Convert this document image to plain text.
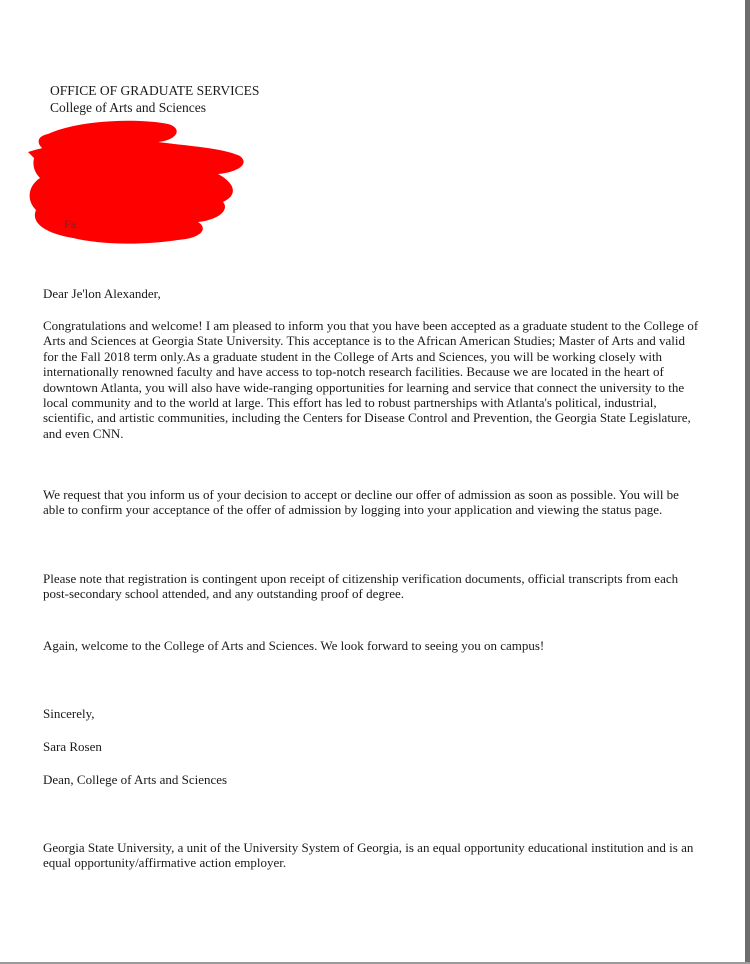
OFFICE OF GRADUATE SERVICES
College of Arts and Sciences
Fa
Dear Je'lon Alexander,

Congratulations and welcome! I am pleased to inform you that you have been accepted as a graduate student to the College of Arts and Sciences at Georgia State University. This acceptance is to the African American Studies; Master of Arts and valid for the Fall 2018 term only.As a graduate student in the College of Arts and Sciences, you will be working closely with internationally renowned faculty and have access to top-notch research facilities. Because we are located in the heart of downtown Atlanta, you will also have wide-ranging opportunities for learning and service that connect the university to the local community and to the world at large. This effort has led to robust partnerships with Atlanta's political, industrial, scientific, and artistic communities, including the Centers for Disease Control and Prevention, the Georgia State Legislature, and even CNN.

We request that you inform us of your decision to accept or decline our offer of admission as soon as possible. You will be able to confirm your acceptance of the offer of admission by logging into your application and viewing the status page.

Please note that registration is contingent upon receipt of citizenship verification documents, official transcripts from each post-secondary school attended, and any outstanding proof of degree.

Again, welcome to the College of Arts and Sciences. We look forward to seeing you on campus!

Sincerely,
Sara Rosen
Dean, College of Arts and Sciences

Georgia State University, a unit of the University System of Georgia, is an equal opportunity educational institution and is an equal opportunity/affirmative action employer.
